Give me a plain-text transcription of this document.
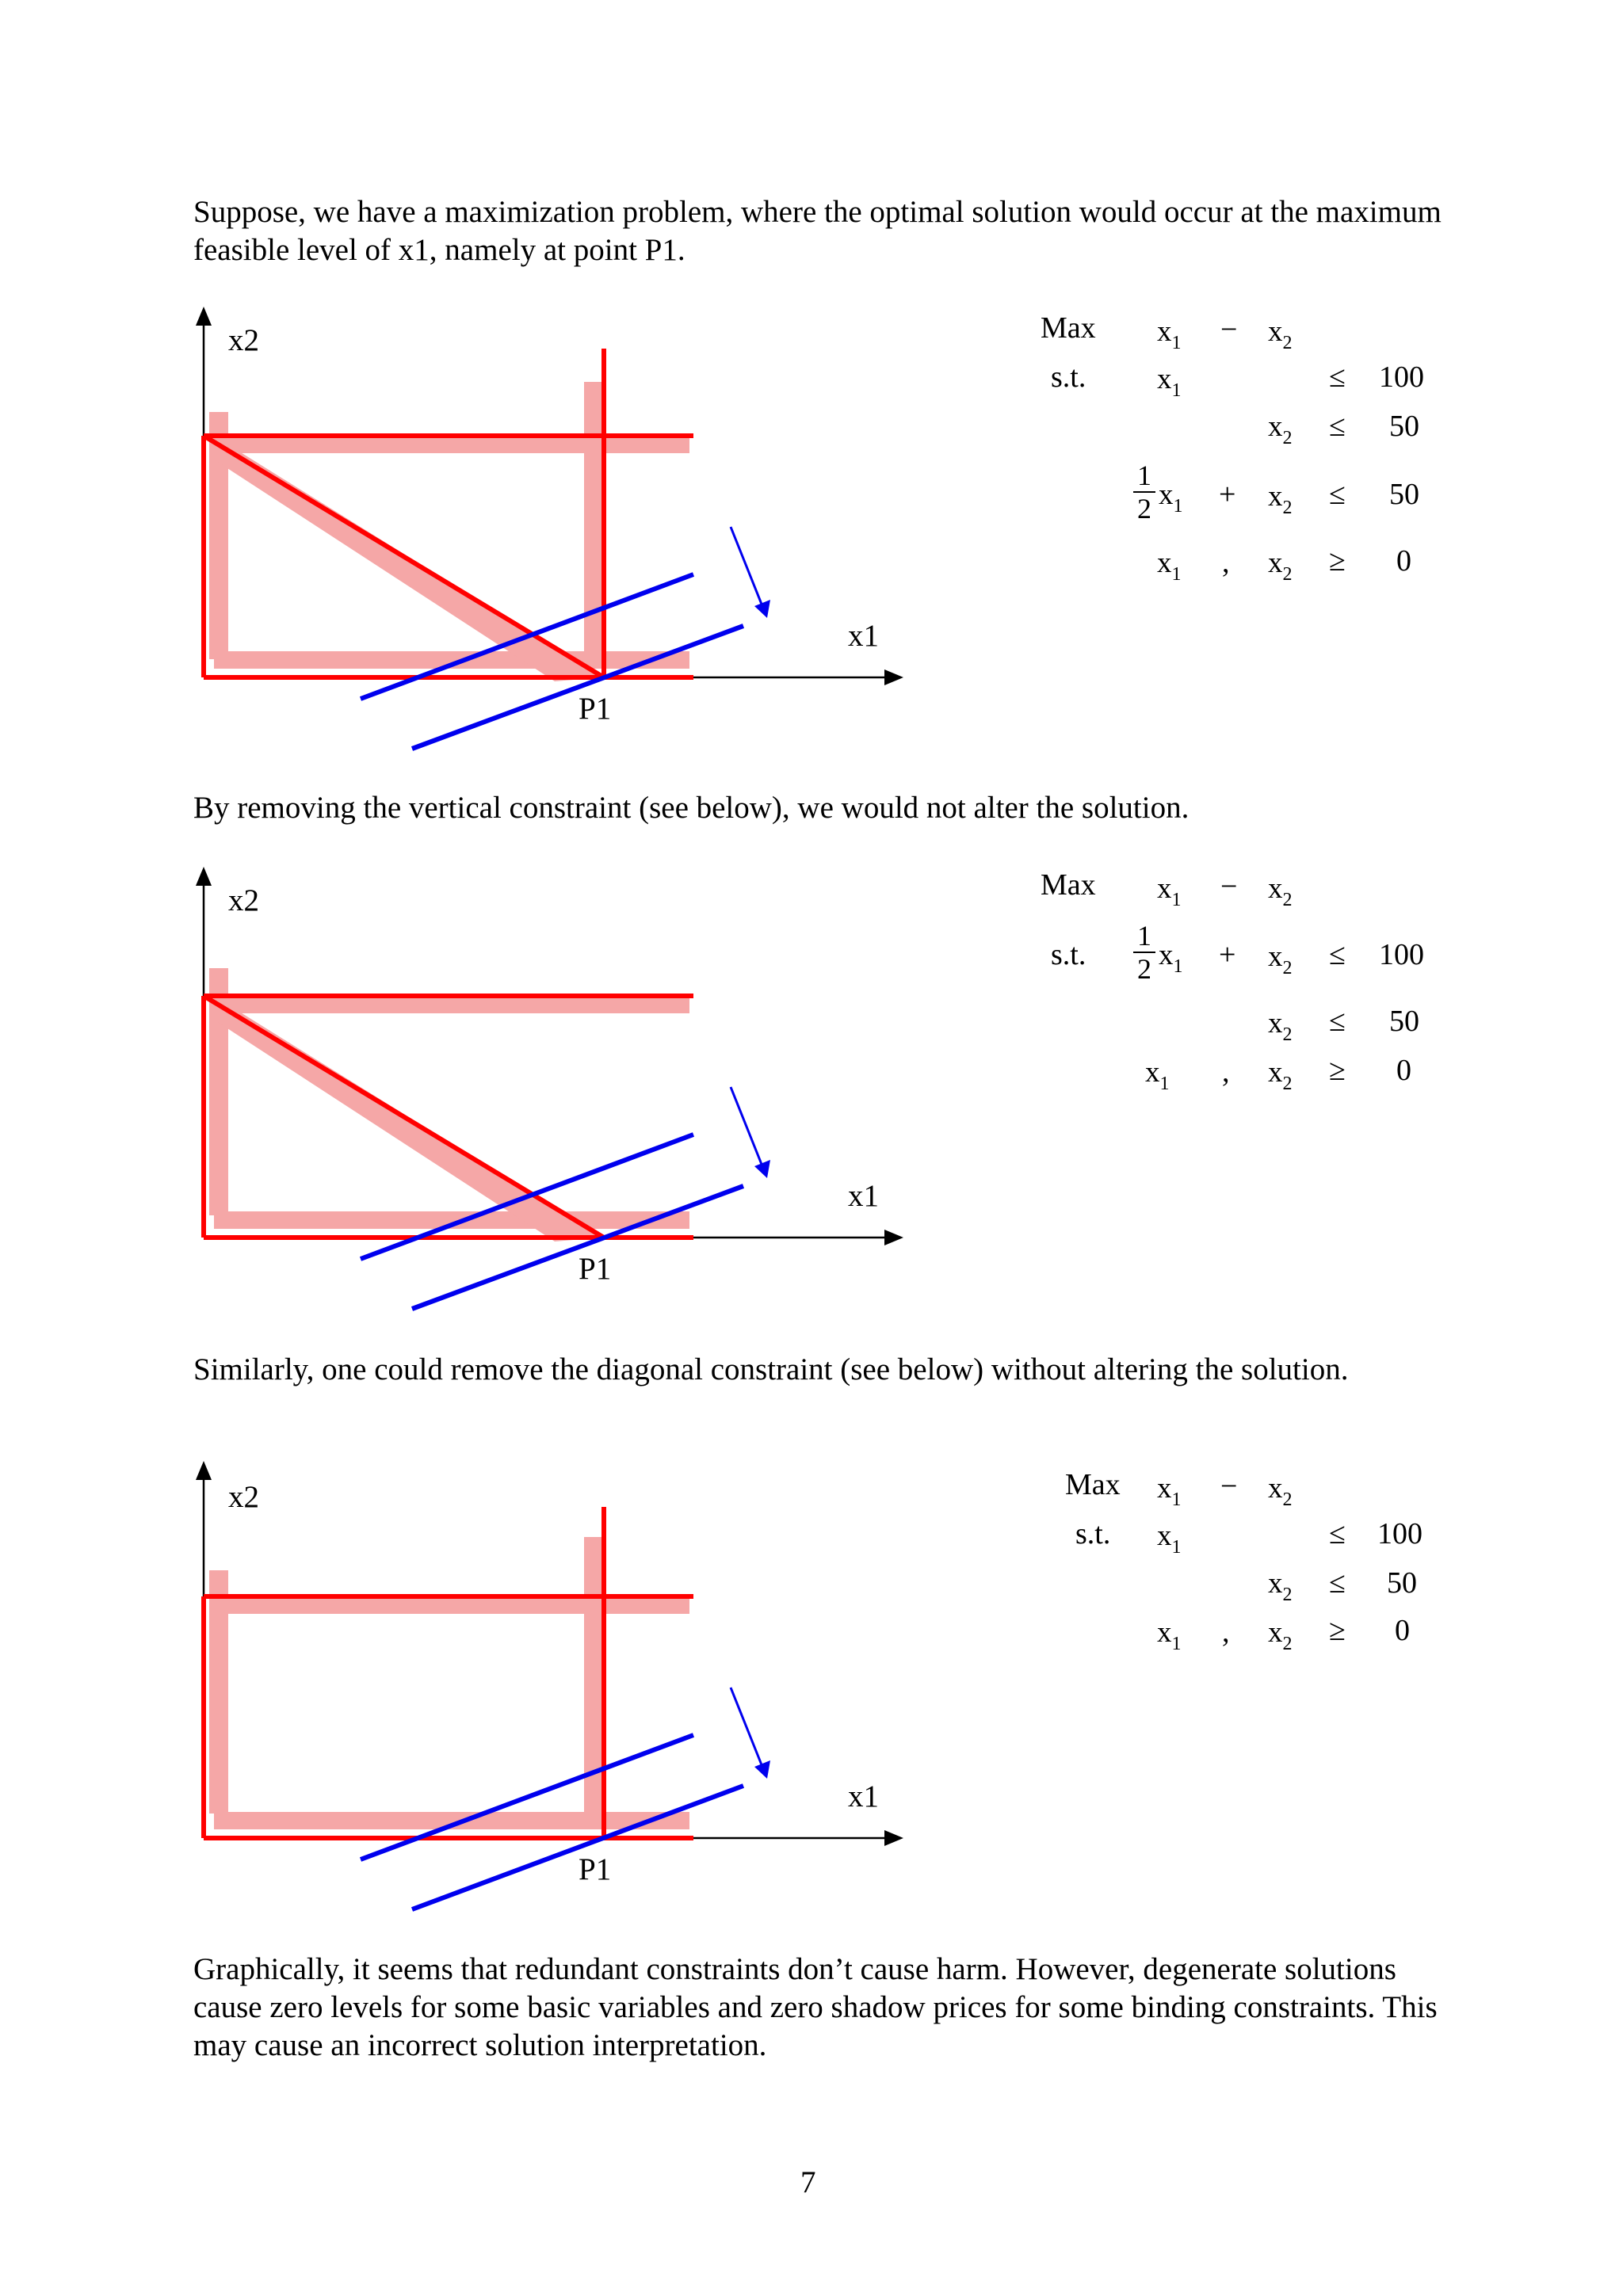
Suppose, we have a maximization problem, where the optimal solution would occur at the maximum feasible level of x1, namely at point P1.

x2
x1
P1
Max $x_1 - x_2$
s.t. $x_1$	≤ 100
$x_2 \le 50$
1
2 $x_1 + x_2 \le 50$
$x_1$ , $x_2 \ge 0$

By removing the vertical constraint (see below), we would not alter the solution.

x2
x1
P1
Max $x_1 - x_2$
s.t.
1
2 $x_1 + x_2 \le 100$
$x_2 \le 50$
$x_1$ , $x_2 \ge 0$

Similarly, one could remove the diagonal constraint (see below) without altering the solution.

x2
x1
P1
Max $x_1 - x_2$
s.t. $x_1$	≤ 100
$x_2 \le 50$
$x_1$ , $x_2 \ge 0$

Graphically, it seems that redundant constraints don’t cause harm. However, degenerate solutions cause zero levels for some basic variables and zero shadow prices for some binding constraints. This may cause an incorrect solution interpretation.

7
